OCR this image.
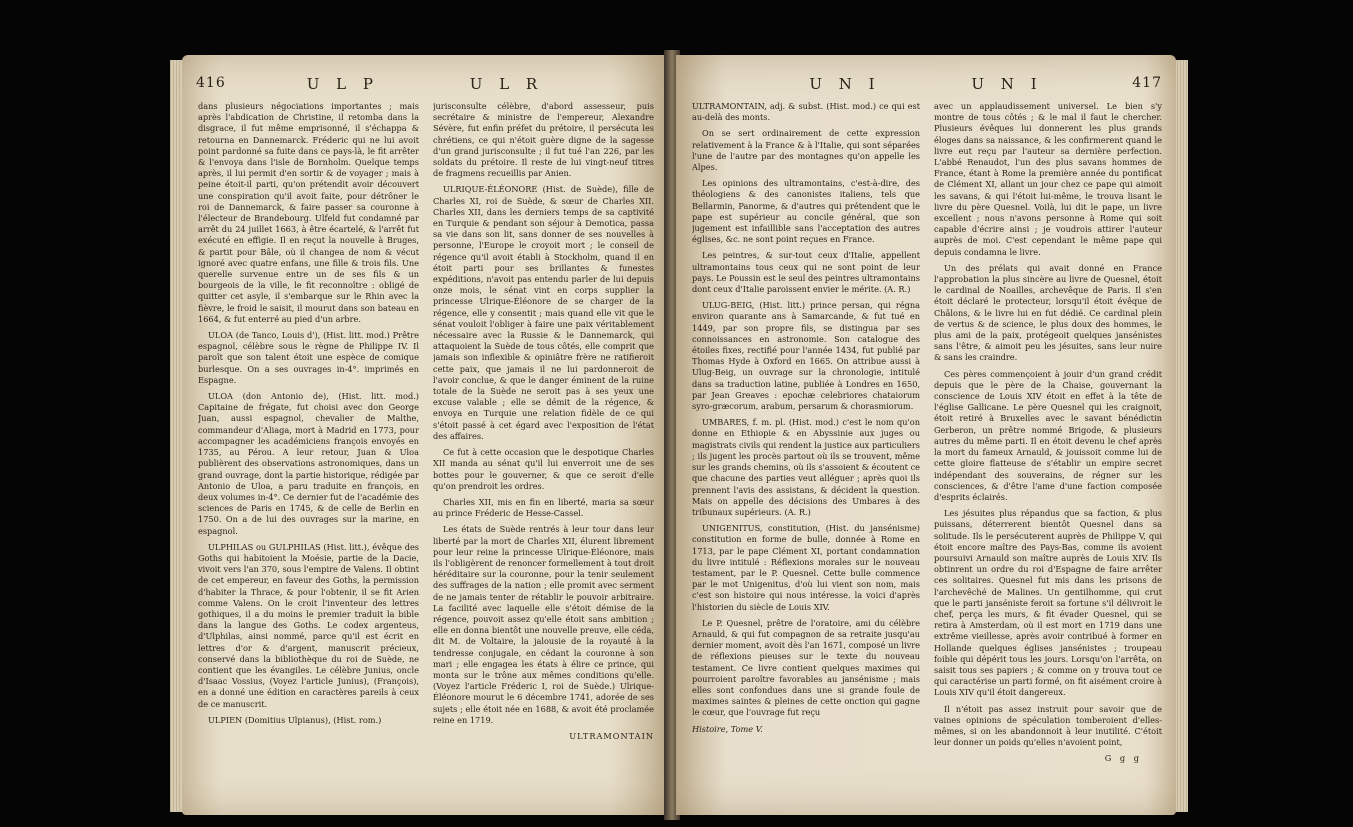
416	U L P	U L R

dans plusieurs négociations importantes ; mais après l'abdication de Christine, il retomba dans la disgrace, il fut même emprisonné, il s'échappa & retourna en Dannemarck. Fréderic qui ne lui avoit point pardonné sa fuite dans ce pays-là, le fit arrêter & l'envoya dans l'isle de Bornholm. Quelque temps après, il lui permit d'en sortir & de voyager ; mais à peine étoit-il parti, qu'on prétendit avoir découvert une conspiration qu'il avoit faite, pour détrôner le roi de Dannemarck, & faire passer sa couronne à l'électeur de Brandebourg. Ulfeld fut condamné par arrêt du 24 juillet 1663, à être écartelé, & l'arrêt fut exécuté en effigie. Il en reçut la nouvelle à Bruges, & partit pour Bâle, où il changea de nom & vécut ignoré avec quatre enfans, une fille & trois fils. Une querelle survenue entre un de ses fils & un bourgeois de la ville, le fit reconnoître : obligé de quitter cet asyle, il s'embarque sur le Rhin avec la fièvre, le froid le saisit, il mourut dans son bateau en 1664, & fut enterré au pied d'un arbre.

ULOA (de Tanco, Louis d'), (Hist. litt. mod.) Prêtre espagnol, célèbre sous le règne de Philippe IV. Il paroît que son talent étoit une espèce de comique burlesque. On a ses ouvrages in-4°. imprimés en Espagne.

ULOA (don Antonio de), (Hist. litt. mod.) Capitaine de frégate, fut choisi avec don George Juan, aussi espagnol, chevalier de Malthe, commandeur d'Aliaga, mort à Madrid en 1773, pour accompagner les académiciens françois envoyés en 1735, au Pérou. A leur retour, Juan & Uloa publièrent des observations astronomiques, dans un grand ouvrage, dont la partie historique, rédigée par Antonio de Uloa, a paru traduite en françois, en deux volumes in-4°. Ce dernier fut de l'académie des sciences de Paris en 1745, & de celle de Berlin en 1750. On a de lui des ouvrages sur la marine, en espagnol.

ULPHILAS ou GULPHILAS (Hist. litt.), évêque des Goths qui habitoient la Moésie, partie de la Dacie, vivoit vers l'an 370, sous l'empire de Valens. Il obtint de cet empereur, en faveur des Goths, la permission d'habiter la Thrace, & pour l'obtenir, il se fit Arien comme Valens. On le croit l'inventeur des lettres gothiques, il a du moins le premier traduit la bible dans la langue des Goths. Le codex argenteus, d'Ulphilas, ainsi nommé, parce qu'il est écrit en lettres d'or & d'argent, manuscrit précieux, conservé dans la bibliothèque du roi de Suède, ne contient que les évangiles. Le célèbre Junius, oncle d'Isaac Vossius, (Voyez l'article Junius), (François), en a donné une édition en caractères pareils à ceux de ce manuscrit.

ULPIEN (Domitius Ulpianus), (Hist. rom.)

jurisconsulte célèbre, d'abord assesseur, puis secrétaire & ministre de l'empereur, Alexandre Sévère, fut enfin préfet du prétoire, il persécuta les chrétiens, ce qui n'étoit guère digne de la sagesse d'un grand jurisconsulte ; il fut tué l'an 226, par les soldats du prétoire. Il reste de lui vingt-neuf titres de fragmens recueillis par Anien.

ULRIQUE-ÉLÉONORE (Hist. de Suède), fille de Charles XI, roi de Suède, & sœur de Charles XII. Charles XII, dans les derniers temps de sa captivité en Turquie & pendant son séjour à Demotica, passa sa vie dans son lit, sans donner de ses nouvelles à personne, l'Europe le croyoit mort ; le conseil de régence qu'il avoit établi à Stockholm, quand il en étoit parti pour ses brillantes & funestes expéditions, n'avoit pas entendu parler de lui depuis onze mois, le sénat vint en corps supplier la princesse Ulrique-Éléonore de se charger de la régence, elle y consentit ; mais quand elle vit que le sénat vouloit l'obliger à faire une paix véritablement nécessaire avec la Russie & le Dannemarck, qui attaquoient la Suède de tous côtés, elle comprit que jamais son inflexible & opiniâtre frère ne ratifieroit cette paix, que jamais il ne lui pardonneroit de l'avoir conclue, & que le danger éminent de la ruine totale de la Suède ne seroit pas à ses yeux une excuse valable ; elle se démit de la régence, & envoya en Turquie une relation fidèle de ce qui s'étoit passé à cet égard avec l'exposition de l'état des affaires.

Ce fut à cette occasion que le despotique Charles XII manda au sénat qu'il lui enverroit une de ses bottes pour le gouverner, & que ce seroit d'elle qu'on prendroit les ordres.

Charles XII, mis en fin en liberté, maria sa sœur au prince Fréderic de Hesse-Cassel.

Les états de Suède rentrés à leur tour dans leur liberté par la mort de Charles XII, élurent librement pour leur reine la princesse Ulrique-Éléonore, mais ils l'obligèrent de renoncer formellement à tout droit héréditaire sur la couronne, pour la tenir seulement des suffrages de la nation ; elle promit avec serment de ne jamais tenter de rétablir le pouvoir arbitraire. La facilité avec laquelle elle s'étoit démise de la régence, pouvoit assez qu'elle étoit sans ambition ; elle en donna bientôt une nouvelle preuve, elle céda, dit M. de Voltaire, la jalousie de la royauté à la tendresse conjugale, en cédant la couronne à son mari ; elle engagea les états à élire ce prince, qui monta sur le trône aux mêmes conditions qu'elle. (Voyez l'article Fréderic I, roi de Suède.) Ulrique-Éléonore mourut le 6 décembre 1741, adorée de ses sujets ; elle étoit née en 1688, & avoit été proclamée reine en 1719.

ULTRAMONTAIN
U N I	U N I	417

ULTRAMONTAIN, adj. & subst. (Hist. mod.) ce qui est au-delà des monts.

On se sert ordinairement de cette expression relativement à la France & à l'Italie, qui sont séparées l'une de l'autre par des montagnes qu'on appelle les Alpes.

Les opinions des ultramontains, c'est-à-dire, des théologiens & des canonistes italiens, tels que Bellarmin, Panorme, & d'autres qui prétendent que le pape est supérieur au concile général, que son jugement est infaillible sans l'acceptation des autres églises, &c. ne sont point reçues en France.

Les peintres, & sur-tout ceux d'Italie, appellent ultramontains tous ceux qui ne sont point de leur pays. Le Poussin est le seul des peintres ultramontains dont ceux d'Italie paroissent envier le mérite. (A. R.)

ULUG-BEIG, (Hist. litt.) prince persan, qui régna environ quarante ans à Samarcande, & fut tué en 1449, par son propre fils, se distingua par ses connoissances en astronomie. Son catalogue des étoiles fixes, rectifié pour l'année 1434, fut publié par Thomas Hyde à Oxford en 1665. On attribue aussi à Ulug-Beig, un ouvrage sur la chronologie, intitulé dans sa traduction latine, publiée à Londres en 1650, par Jean Greaves : epochæ celebriores chataiorum syro-græcorum, arabum, persarum & chorasmiorum.

UMBARES, f. m. pl. (Hist. mod.) c'est le nom qu'on donne en Ethiopie & en Abyssinie aux juges ou magistrats civils qui rendent la justice aux particuliers ; ils jugent les procès partout où ils se trouvent, même sur les grands chemins, où ils s'assoient & écoutent ce que chacune des parties veut alléguer ; après quoi ils prennent l'avis des assistans, & décident la question. Mais on appelle des décisions des Umbares à des tribunaux supérieurs. (A. R.)

UNIGENITUS, constitution, (Hist. du jansénisme) constitution en forme de bulle, donnée à Rome en 1713, par le pape Clément XI, portant condamnation du livre intitulé : Réflexions morales sur le nouveau testament, par le P. Quesnel. Cette bulle commence par le mot Unigenitus, d'où lui vient son nom, mais c'est son histoire qui nous intéresse. la voici d'après l'historien du siècle de Louis XIV.

Le P. Quesnel, prêtre de l'oratoire, ami du célèbre Arnauld, & qui fut compagnon de sa retraite jusqu'au dernier moment, avoit dès l'an 1671, composé un livre de réflexions pieuses sur le texte du nouveau testament. Ce livre contient quelques maximes qui pourroient paroître favorables au jansénisme ; mais elles sont confondues dans une si grande foule de maximes saintes & pleines de cette onction qui gagne le cœur, que l'ouvrage fut reçu

Histoire, Tome V.

avec un applaudissement universel. Le bien s'y montre de tous côtés ; & le mal il faut le chercher. Plusieurs évêques lui donnerent les plus grands éloges dans sa naissance, & les confirmerent quand le livre eut reçu par l'auteur sa dernière perfection. L'abbé Renaudot, l'un des plus savans hommes de France, étant à Rome la première année du pontificat de Clément XI, allant un jour chez ce pape qui aimoit les savans, & qui l'étoit lui-même, le trouva lisant le livre du père Quesnel. Voilà, lui dit le pape, un livre excellent ; nous n'avons personne à Rome qui soit capable d'écrire ainsi ; je voudrois attirer l'auteur auprès de moi. C'est cependant le même pape qui depuis condamna le livre.

Un des prélats qui avait donné en France l'approbation la plus sincère au livre de Quesnel, étoit le cardinal de Noailles, archevêque de Paris. Il s'en étoit déclaré le protecteur, lorsqu'il étoit évêque de Châlons, & le livre lui en fut dédié. Ce cardinal plein de vertus & de science, le plus doux des hommes, le plus ami de la paix, protégeoit quelques jansénistes sans l'être, & aimoit peu les jésuites, sans leur nuire & sans les craindre.

Ces pères commençoient à jouir d'un grand crédit depuis que le père de la Chaise, gouvernant la conscience de Louis XIV étoit en effet à la tête de l'église Gallicane. Le père Quesnel qui les craignoit, étoit retiré à Bruxelles avec le savant bénédictin Gerberon, un prêtre nommé Brigode, & plusieurs autres du même parti. Il en étoit devenu le chef après la mort du fameux Arnauld, & jouissoit comme lui de cette gloire flatteuse de s'établir un empire secret indépendant des souverains, de régner sur les consciences, & d'être l'ame d'une faction composée d'esprits éclairés.

Les jésuites plus répandus que sa faction, & plus puissans, déterrerent bientôt Quesnel dans sa solitude. Ils le persécuterent auprès de Philippe V, qui étoit encore maître des Pays-Bas, comme ils avoient poursuivi Arnauld son maître auprès de Louis XIV. Ils obtinrent un ordre du roi d'Espagne de faire arrêter ces solitaires. Quesnel fut mis dans les prisons de l'archevêché de Malines. Un gentilhomme, qui crut que le parti janséniste feroit sa fortune s'il délivroit le chef, perça les murs, & fit évader Quesnel, qui se retira à Amsterdam, où il est mort en 1719 dans une extrême vieillesse, après avoir contribué à former en Hollande quelques églises jansénistes ; troupeau foible qui dépérit tous les jours. Lorsqu'on l'arrêta, on saisit tous ses papiers ; & comme on y trouva tout ce qui caractérise un parti formé, on fit aisément croire à Louis XIV qu'il étoit dangereux.

Il n'étoit pas assez instruit pour savoir que de vaines opinions de spéculation tomberoient d'elles-mêmes, si on les abandonnoit à leur inutilité. C'étoit leur donner un poids qu'elles n'avoient point,

G g g
